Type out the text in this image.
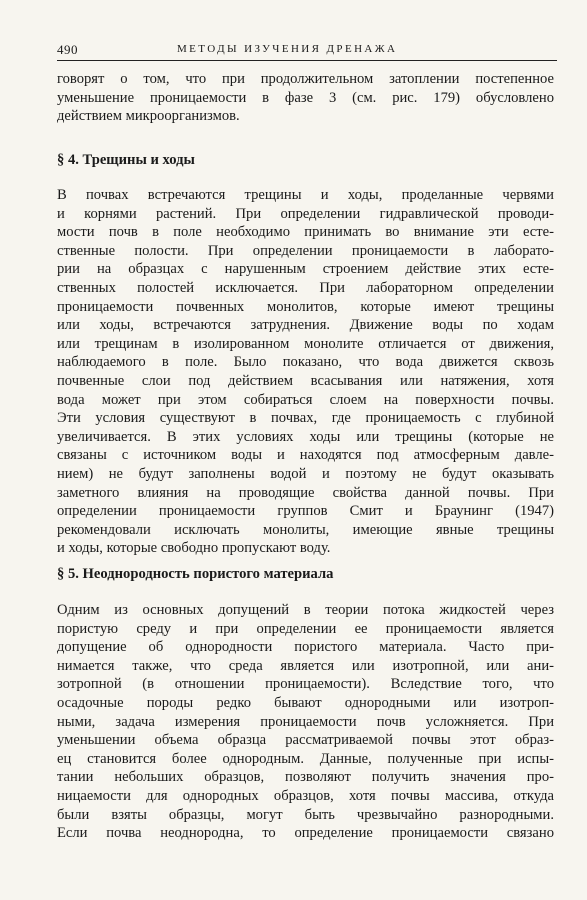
490	МЕТОДЫ ИЗУЧЕНИЯ ДРЕНАЖА
говорят о том, что при продолжительном затоплении постепенное
уменьшение проницаемости в фазе 3 (см. рис. 179) обусловлено
действием микроорганизмов.
§ 4. Трещины и ходы
В почвах встречаются трещины и ходы, проделанные червями
и корнями растений. При определении гидравлической проводи-
мости почв в поле необходимо принимать во внимание эти есте-
ственные полости. При определении проницаемости в лаборато-
рии на образцах с нарушенным строением действие этих есте-
ственных полостей исключается. При лабораторном определении
проницаемости почвенных монолитов, которые имеют трещины
или ходы, встречаются затруднения. Движение воды по ходам
или трещинам в изолированном монолите отличается от движения,
наблюдаемого в поле. Было показано, что вода движется сквозь
почвенные слои под действием всасывания или натяжения, хотя
вода может при этом собираться слоем на поверхности почвы.
Эти условия существуют в почвах, где проницаемость с глубиной
увеличивается. В этих условиях ходы или трещины (которые не
связаны с источником воды и находятся под атмосферным давле-
нием) не будут заполнены водой и поэтому не будут оказывать
заметного влияния на проводящие свойства данной почвы. При
определении проницаемости группов Смит и Браунинг (1947)
рекомендовали исключать монолиты, имеющие явные трещины
и ходы, которые свободно пропускают воду.
§ 5. Неоднородность пористого материала
Одним из основных допущений в теории потока жидкостей через
пористую среду и при определении ее проницаемости является
допущение об однородности пористого материала. Часто при-
нимается также, что среда является или изотропной, или ани-
зотропной (в отношении проницаемости). Вследствие того, что
осадочные породы редко бывают однородными или изотроп-
ными, задача измерения проницаемости почв усложняется. При
уменьшении объема образца рассматриваемой почвы этот образ-
ец становится более однородным. Данные, полученные при испы-
тании небольших образцов, позволяют получить значения про-
ницаемости для однородных образцов, хотя почвы массива, откуда
были взяты образцы, могут быть чрезвычайно разнородными.
Если почва неоднородна, то определение проницаемости связано
